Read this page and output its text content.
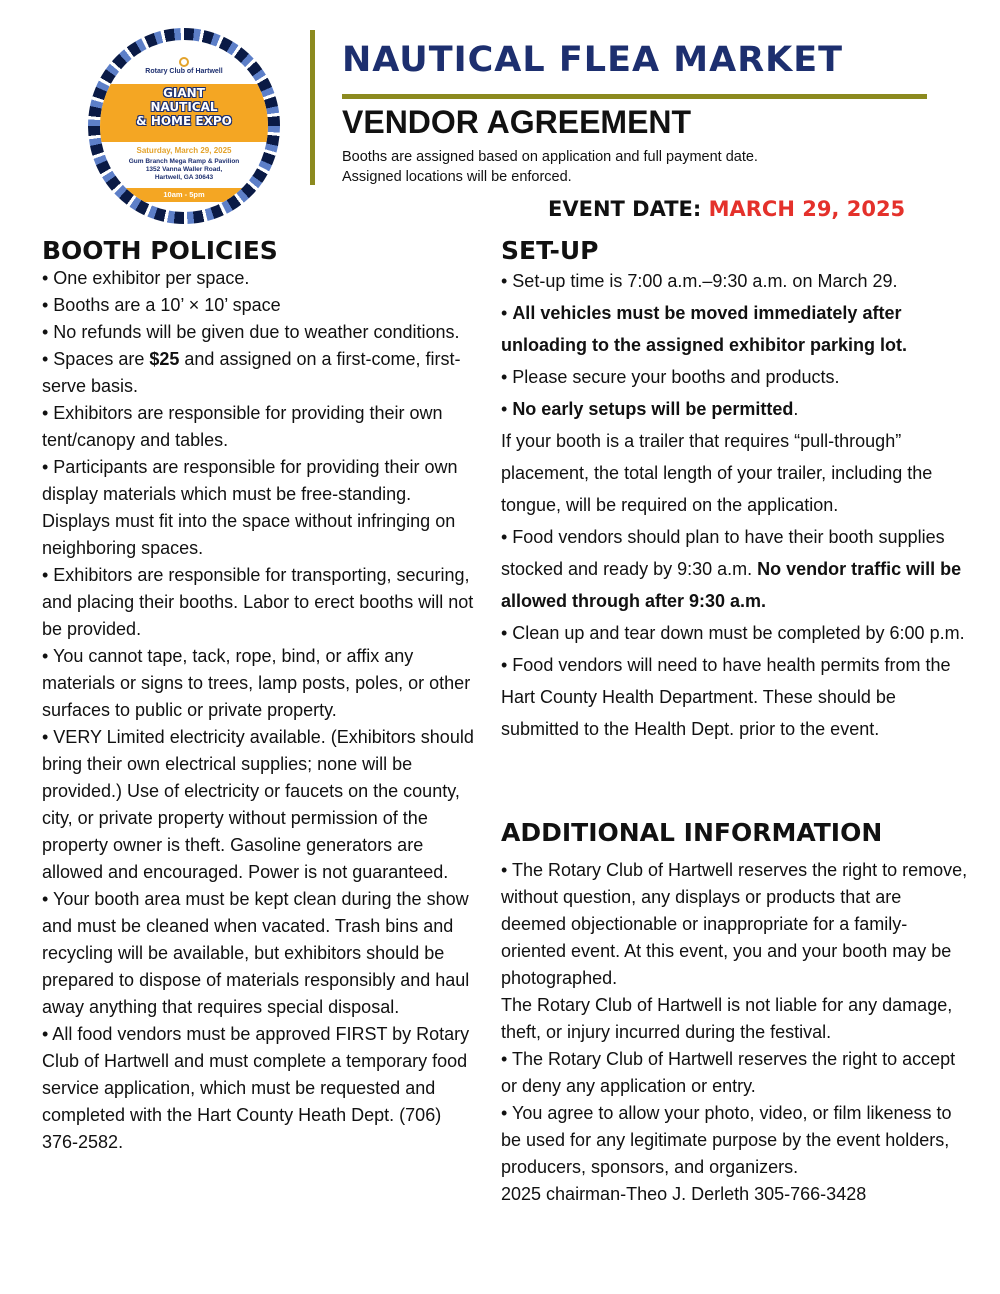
Rotary Club of Hartwell
GIANT
NAUTICAL
& HOME EXPO
Saturday, March 29, 2025
Gum Branch Mega Ramp & Pavilion
1352 Vanna Waller Road,
Hartwell, GA 30643
10am - 5pm
NAUTICAL FLEA MARKET
VENDOR AGREEMENT
Booths are assigned based on application and full payment date.
Assigned locations will be enforced.
EVENT DATE: MARCH 29, 2025
BOOTH POLICIES

• One exhibitor per space.

• Booths are a 10’ × 10’ space

• No refunds will be given due to weather conditions.

• Spaces are $25 and assigned on a first-come, first-serve basis.

• Exhibitors are responsible for providing their own tent/canopy and tables.

• Participants are responsible for providing their own display materials which must be free-standing. Displays must fit into the space without infringing on neighboring spaces.

• Exhibitors are responsible for transporting, securing, and placing their booths. Labor to erect booths will not be provided.

• You cannot tape, tack, rope, bind, or affix any materials or signs to trees, lamp posts, poles, or other surfaces to public or private property.

• VERY Limited electricity available. (Exhibitors should bring their own electrical supplies; none will be provided.) Use of electricity or faucets on the county, city, or private property without permission of the property owner is theft. Gasoline generators are allowed and encouraged. Power is not guaranteed.

• Your booth area must be kept clean during the show and must be cleaned when vacated. Trash bins and recycling will be available, but exhibitors should be prepared to dispose of materials responsibly and haul away anything that requires special disposal.

• All food vendors must be approved FIRST by Rotary Club of Hartwell and must complete a temporary food service application, which must be requested and completed with the Hart County Heath Dept. (706) 376-2582.

SET-UP

• Set-up time is 7:00 a.m.–9:30 a.m. on March 29.

• All vehicles must be moved immediately after unloading to the assigned exhibitor parking lot.

• Please secure your booths and products.

• No early setups will be permitted.

If your booth is a trailer that requires “pull-through” placement, the total length of your trailer, including the tongue, will be required on the application.

• Food vendors should plan to have their booth supplies stocked and ready by 9:30 a.m. No vendor traffic will be allowed through after 9:30 a.m.

• Clean up and tear down must be completed by 6:00 p.m.

• Food vendors will need to have health permits from the Hart County Health Department. These should be submitted to the Health Dept. prior to the event.

ADDITIONAL INFORMATION

• The Rotary Club of Hartwell reserves the right to remove, without question, any displays or products that are deemed objectionable or inappropriate for a family-oriented event. At this event, you and your booth may be photographed.

The Rotary Club of Hartwell is not liable for any damage, theft, or injury incurred during the festival.

• The Rotary Club of Hartwell reserves the right to accept or deny any application or entry.

• You agree to allow your photo, video, or film likeness to be used for any legitimate purpose by the event holders, producers, sponsors, and organizers.

2025 chairman-Theo J. Derleth 305-766-3428
